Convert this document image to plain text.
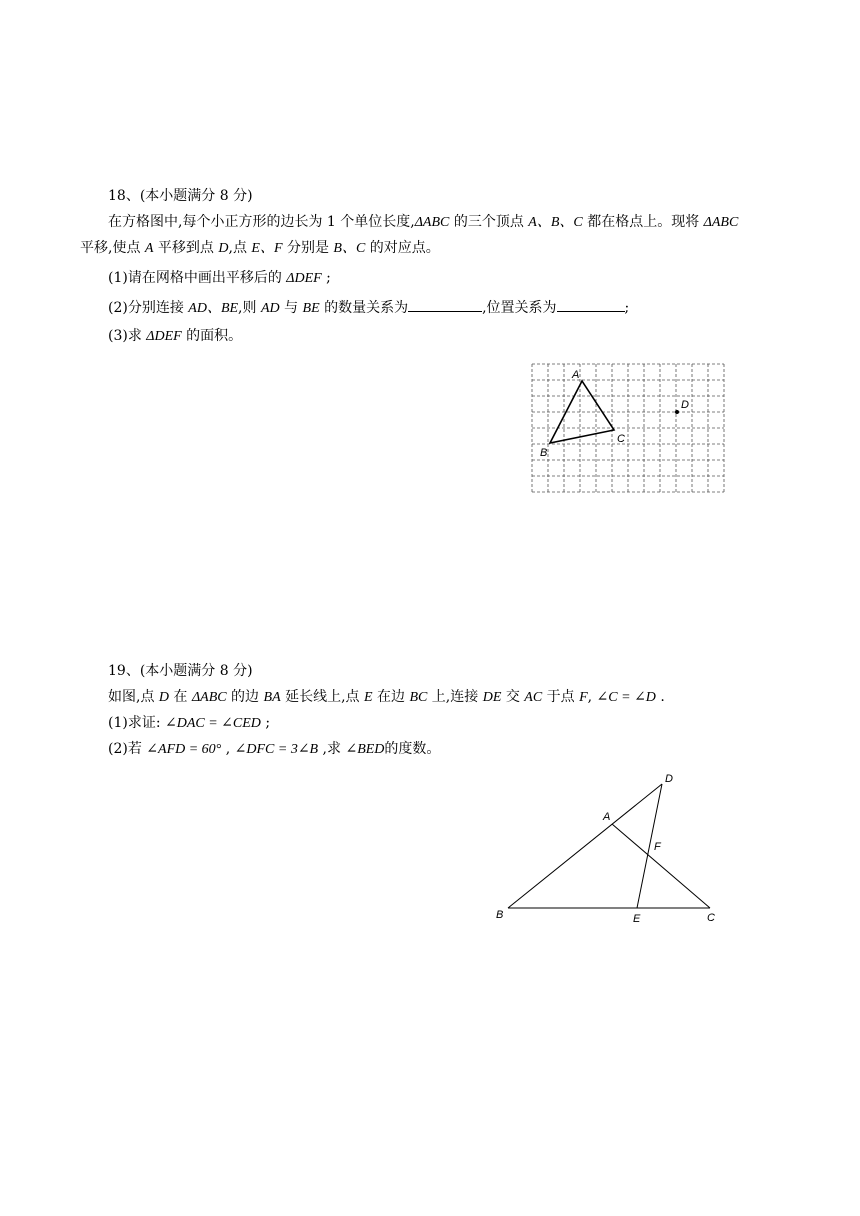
18、(本小题满分 8 分)
在方格图中,每个小正方形的边长为 1 个单位长度,ΔABC 的三个顶点 A、B、C 都在格点上。现将 ΔABC
平移,使点 A 平移到点 D,点 E、F 分别是 B、C 的对应点。
(1)请在网格中画出平移后的 ΔDEF ;
(2)分别连接 AD、BE,则 AD 与 BE 的数量关系为	,位置关系为	;
(3)求 ΔDEF 的面积。
A
B
C
D
19、(本小题满分 8 分)
如图,点 D 在 ΔABC 的边 BA 延长线上,点 E 在边 BC 上,连接 DE 交 AC 于点 F, ∠C = ∠D .
(1)求证: ∠DAC = ∠CED ;
(2)若 ∠AFD = 60° , ∠DFC = 3∠B ,求 ∠BED的度数。
D
A
F
B	E	C
